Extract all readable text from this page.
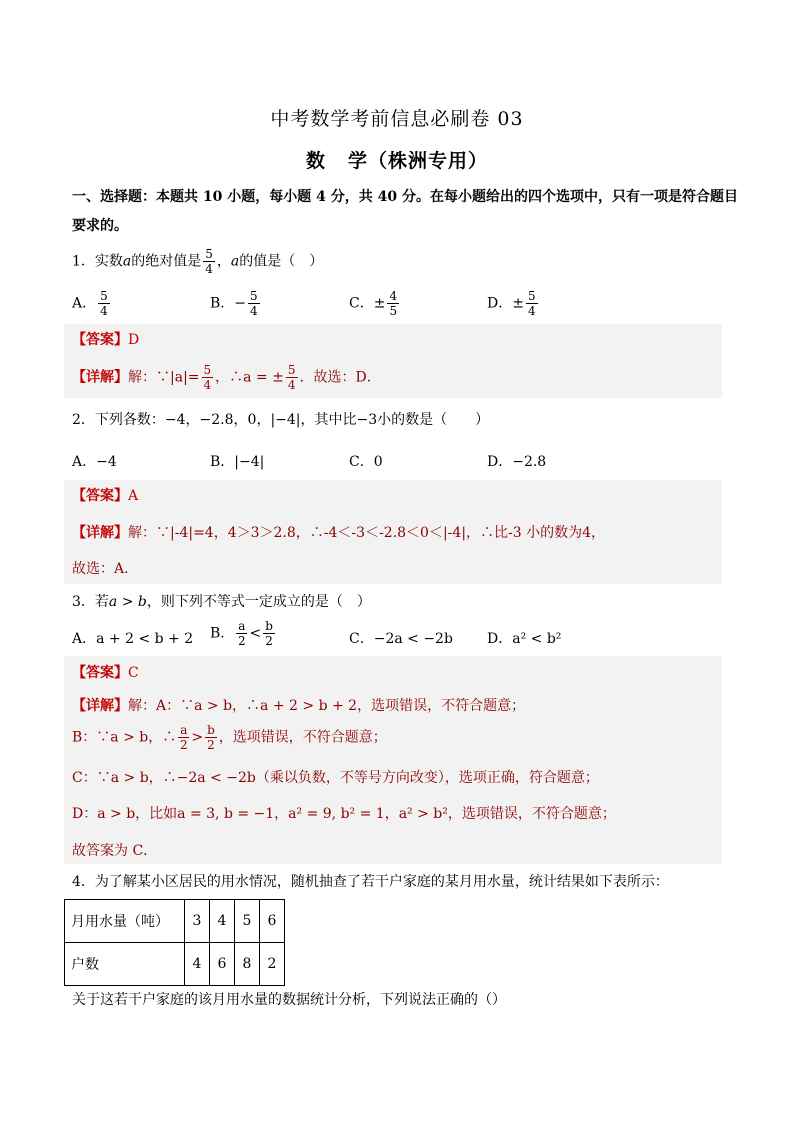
中考数学考前信息必刷卷 03
数 学（株洲专用）
一、选择题：本题共 10 小题，每小题 4 分，共 40 分。在每小题给出的四个选项中，只有一项是符合题目
要求的。
1．实数a的绝对值是 $\frac{5}{4}$ ，a的值是（　）
A． $\frac{5}{4}$	B．− $\frac{5}{4}$	C．± $\frac{4}{5}$	D．± $\frac{5}{4}$
【答案】D
【详解】解：∵|a|= $\frac{5}{4}$ ，∴a = ± $\frac{5}{4}$ ．故选：D．
2．下列各数：−4，−2.8，0，|−4|，其中比−3小的数是（　　）
A．−4	B．|−4|	C．0	D．−2.8
【答案】A
【详解】解：∵|-4|=4，4＞3＞2.8，∴-4＜-3＜-2.8＜0＜|-4|，∴比-3 小的数为4，
故选：A．
3．若a > b，则下列不等式一定成立的是（　）
A．a + 2 < b + 2 B． $\frac{a}{2} < \frac{b}{2}$	C．−2a < −2b D．a² < b²
【答案】C
【详解】解：A：∵a > b，∴a + 2 > b + 2，选项错误，不符合题意；
B：∵a > b，∴ $\frac{a}{2} > \frac{b}{2}$ ，选项错误，不符合题意；
C：∵a > b，∴−2a < −2b（乘以负数，不等号方向改变），选项正确，符合题意；
D：a > b，比如a = 3, b = −1，a² = 9, b² = 1，a² > b²，选项错误，不符合题意；
故答案为 C．
4．为了解某小区居民的用水情况，随机抽查了若干户家庭的某月用水量，统计结果如下表所示：
月用水量（吨）	3	4	5	6
户数	4	6	8	2
关于这若干户家庭的该月用水量的数据统计分析，下列说法正确的（）
